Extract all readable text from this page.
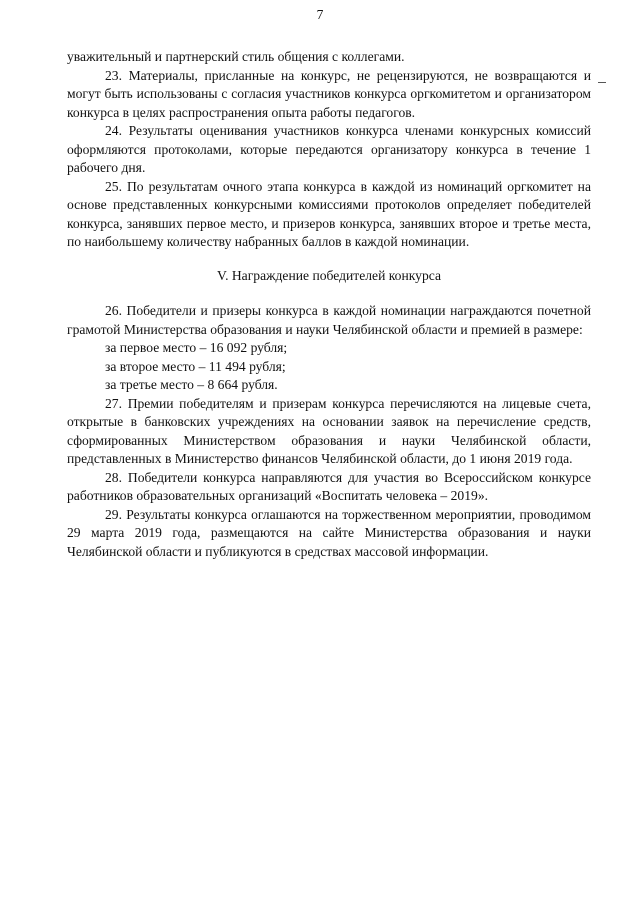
7

уважительный и партнерский стиль общения с коллегами.

23. Материалы, присланные на конкурс, не рецензируются, не возвращаются и могут быть использованы с согласия участников конкурса оргкомитетом и организатором конкурса в целях распространения опыта работы педагогов.

24. Результаты оценивания участников конкурса членами конкурсных комиссий оформляются протоколами, которые передаются организатору конкурса в течение 1 рабочего дня.

25. По результатам очного этапа конкурса в каждой из номинаций оргкомитет на основе представленных конкурсными комиссиями протоколов определяет победителей конкурса, занявших первое место, и призеров конкурса, занявших второе и третье места, по наибольшему количеству набранных баллов в каждой номинации.

V. Награждение победителей конкурса

26. Победители и призеры конкурса в каждой номинации награждаются почетной грамотой Министерства образования и науки Челябинской области и премией в размере:

за первое место – 16 092 рубля;

за второе место – 11 494 рубля;

за третье место – 8 664 рубля.

27. Премии победителям и призерам конкурса перечисляются на лицевые счета, открытые в банковских учреждениях на основании заявок на перечисление средств, сформированных Министерством образования и науки Челябинской области, представленных в Министерство финансов Челябинской области, до 1 июня 2019 года.

28. Победители конкурса направляются для участия во Всероссийском конкурсе работников образовательных организаций «Воспитать человека – 2019».

29. Результаты конкурса оглашаются на торжественном мероприятии, проводимом 29 марта 2019 года, размещаются на сайте Министерства образования и науки Челябинской области и публикуются в средствах массовой информации.
